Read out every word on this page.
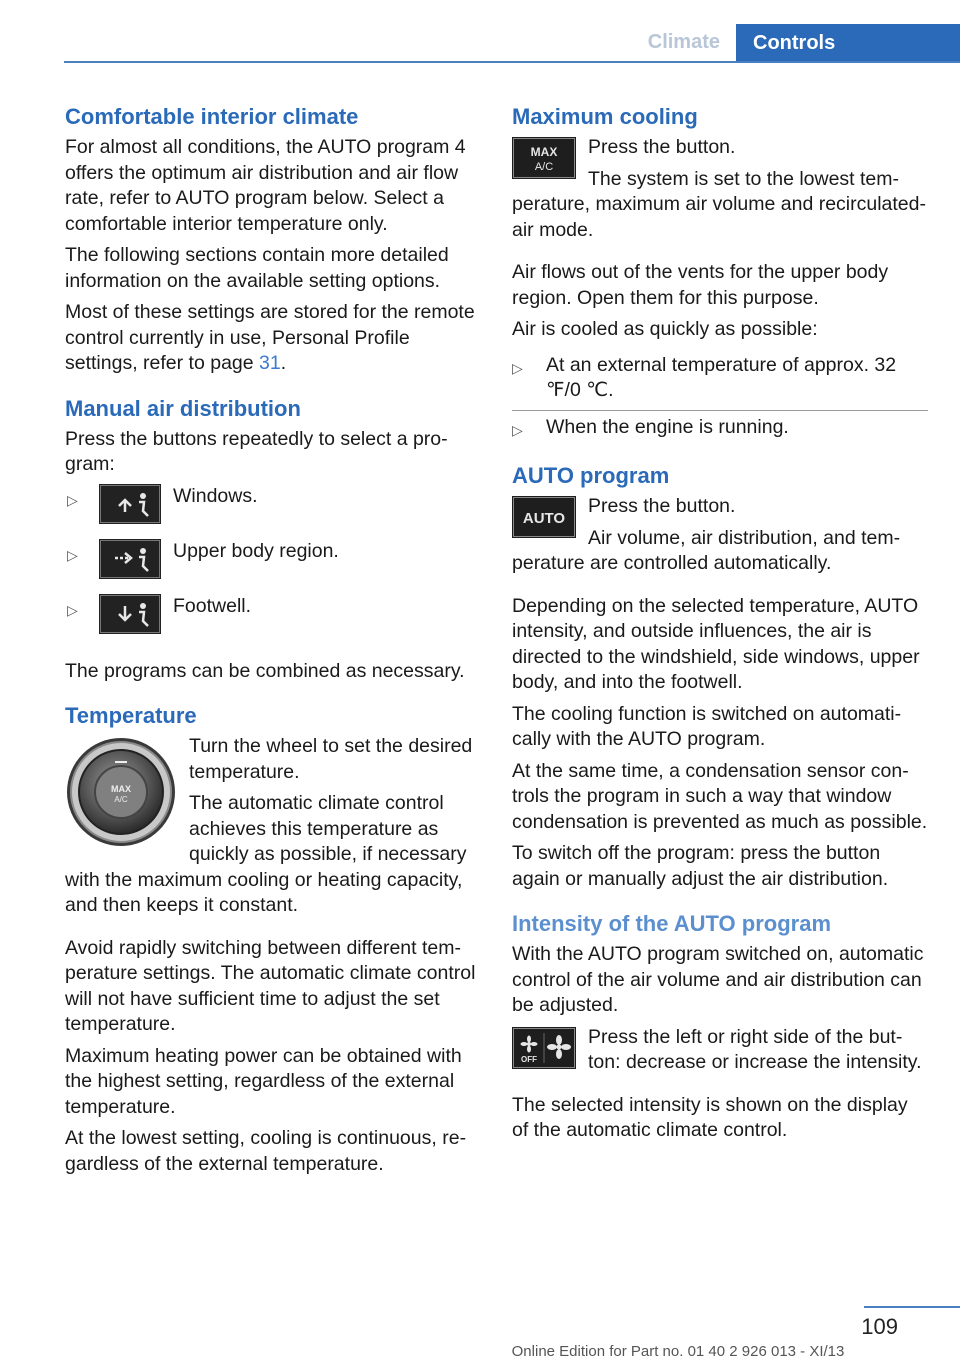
Climate	Controls
Comfortable interior climate

For almost all conditions, the AUTO program 4 offers the optimum air distribution and air flow rate, refer to AUTO program below. Select a comfortable interior temperature only.

The following sections contain more detailed information on the available setting options.

Most of these settings are stored for the remote control currently in use, Personal Profile settings, refer to page 31.

Manual air distribution

Press the buttons repeatedly to select a program:

▷	Windows.
▷	Upper body region.
▷	Footwell.

The programs can be combined as necessary.

Temperature
MAX
A/C

Turn the wheel to set the desired temperature.

The automatic climate control achieves this temperature as quickly as possible, if necessary with the maximum cooling or heating capacity, and then keeps it constant.

Avoid rapidly switching between different temperature settings. The automatic climate control will not have sufficient time to adjust the set temperature.

Maximum heating power can be obtained with the highest setting, regardless of the external temperature.

At the lowest setting, cooling is continuous, regardless of the external temperature.

Maximum cooling
MAX
A/C

Press the button.

The system is set to the lowest temperature, maximum air volume and recirculated-air mode.

Air flows out of the vents for the upper body region. Open them for this purpose.

Air is cooled as quickly as possible:

▷	At an external temperature of approx. 32 ℉/0 ℃.
▷	When the engine is running.
AUTO program
AUTO

Press the button.

Air volume, air distribution, and temperature are controlled automatically.

Depending on the selected temperature, AUTO intensity, and outside influences, the air is directed to the windshield, side windows, upper body, and into the footwell.

The cooling function is switched on automatically with the AUTO program.

At the same time, a condensation sensor controls the program in such a way that window condensation is prevented as much as possible.

To switch off the program: press the button again or manually adjust the air distribution.

Intensity of the AUTO program

With the AUTO program switched on, automatic control of the air volume and air distribution can be adjusted.

OFF

Press the left or right side of the button: decrease or increase the intensity.

The selected intensity is shown on the display of the automatic climate control.

109
Online Edition for Part no. 01 40 2 926 013 - XI/13
